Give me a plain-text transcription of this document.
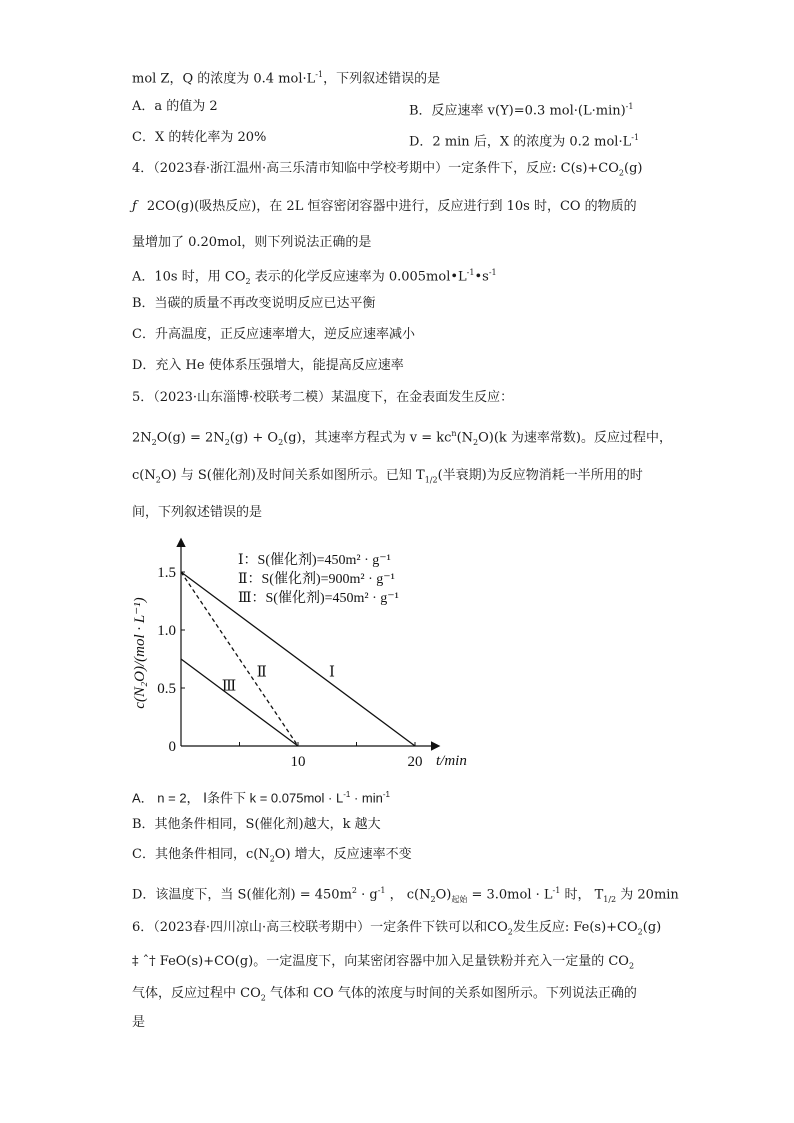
mol Z，Q 的浓度为 0.4 $mol\cdot L^{-1}$，下列叙述错误的是
A．a 的值为 2	B．反应速率 v(Y)=0.3 $mol\cdot(L\cdot\min)^{-1}$
C．X 的转化率为 20%	D．2 min 后，X 的浓度为 0.2 $mol\cdot L^{-1}$
4．（2023春·浙江温州·高三乐清市知临中学校考期中）一定条件下，反应: $C(s)+CO_2(g)$
ƒ 2CO(g)(吸热反应)，在 2L 恒容密闭容器中进行，反应进行到 10s 时，CO 的物质的
量增加了 0.20mol，则下列说法正确的是
A．10s 时，用 $CO_2$ 表示的化学反应速率为 $0.005mol•L^{-1}•s^{-1}$
B．当碳的质量不再改变说明反应已达平衡
C．升高温度，正反应速率增大，逆反应速率减小
D．充入 He 使体系压强增大，能提高反应速率
5．（2023·山东淄博·校联考二模）某温度下，在金表面发生反应：
$2N_2O(g) = 2N_2(g) + O_2(g)$，其速率方程式为 $v = kc^n(N_2O)(k$ 为速率常数)。反应过程中，
$c(N_2O)$ 与 S(催化剂)及时间关系如图所示。已知 $T_{1/2}$(半衰期)为反应物消耗一半所用的时
间，下列叙述错误的是
0
0.5
1.0
1.5
10	20
c(N₂O)/(mol · L⁻¹)
t/min
Ⅰ：S(催化剂)=450m² · g⁻¹
Ⅱ：S(催化剂)=900m² · g⁻¹
Ⅲ：S(催化剂)=450m² · g⁻¹
Ⅰ
Ⅱ
Ⅲ
A． n = 2， Ⅰ条件下 $k = 0.075mol \cdot L^{-1} \cdot \min^{-1}$
B．其他条件相同，S(催化剂)越大，k 越大
C．其他条件相同，$c(N_2O)$ 增大，反应速率不变
D．该温度下，当 S(催化剂) = $450m^2 \cdot g^{-1}$ ， $c(N_2O)_{起始} = 3.0mol \cdot L^{-1}$ 时， $T_{1/2}$ 为 20min
6．（2023春·四川凉山·高三校联考期中）一定条件下铁可以和$CO_2$发生反应: $Fe(s)+CO_2(g)$
‡ ˆ† FeO(s)+CO(g)。一定温度下，向某密闭容器中加入足量铁粉并充入一定量的 $CO_2$
气体，反应过程中 $CO_2$ 气体和 CO 气体的浓度与时间的关系如图所示。下列说法正确的
是
